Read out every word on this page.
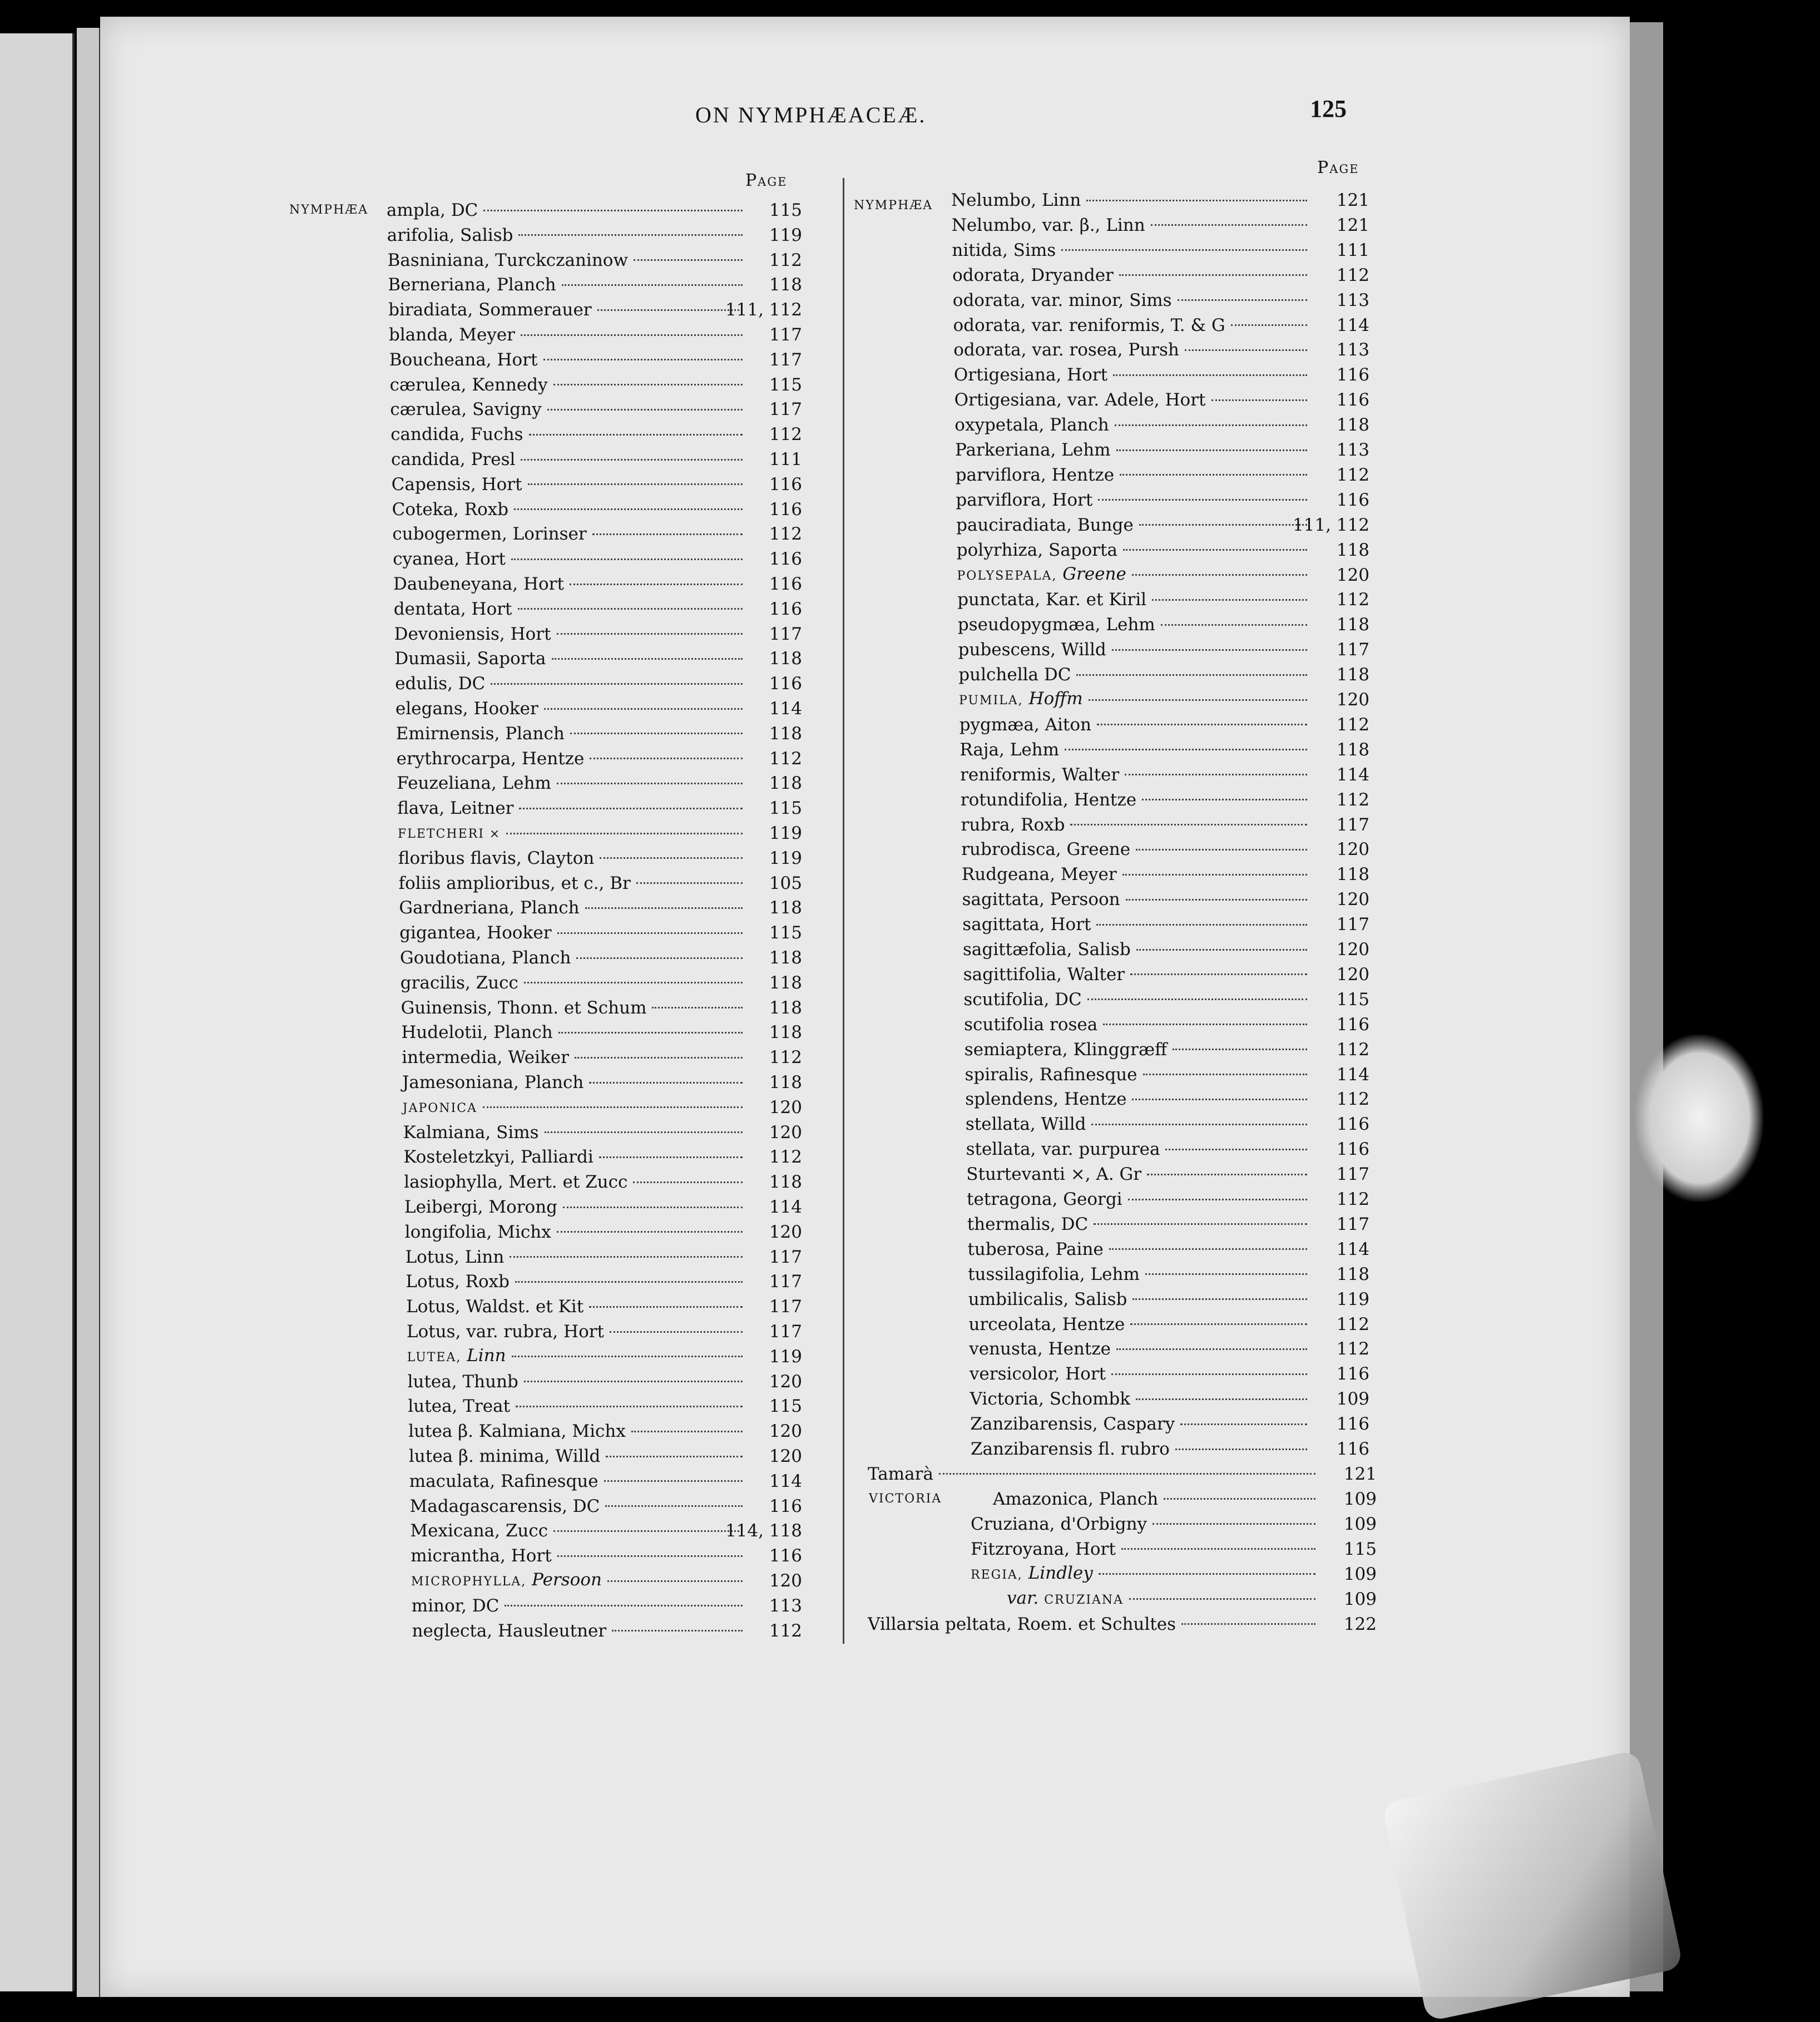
ON NYMPHÆACEÆ.	125
Page
Page
NYMPHÆA ampla, DC	115
arifolia, Salisb	119
Basniniana, Turckczaninow	112
Berneriana, Planch	118
biradiata, Sommerauer	111, 112
blanda, Meyer	117
Boucheana, Hort	117
cærulea, Kennedy	115
cærulea, Savigny	117
candida, Fuchs	112
candida, Presl	111
Capensis, Hort	116
Coteka, Roxb	116
cubogermen, Lorinser	112
cyanea, Hort	116
Daubeneyana, Hort	116
dentata, Hort	116
Devoniensis, Hort	117
Dumasii, Saporta	118
edulis, DC	116
elegans, Hooker	114
Emirnensis, Planch	118
erythrocarpa, Hentze	112
Feuzeliana, Lehm	118
flava, Leitner	115
FLETCHERI ×	119
floribus flavis, Clayton	119
foliis amplioribus, et c., Br	105
Gardneriana, Planch	118
gigantea, Hooker	115
Goudotiana, Planch	118
gracilis, Zucc	118
Guinensis, Thonn. et Schum	118
Hudelotii, Planch	118
intermedia, Weiker	112
Jamesoniana, Planch	118
JAPONICA	120
Kalmiana, Sims	120
Kosteletzkyi, Palliardi	112
lasiophylla, Mert. et Zucc	118
Leibergi, Morong	114
longifolia, Michx	120
Lotus, Linn	117
Lotus, Roxb	117
Lotus, Waldst. et Kit	117
Lotus, var. rubra, Hort	117
LUTEA, Linn	119
lutea, Thunb	120
lutea, Treat	115
lutea β. Kalmiana, Michx	120
lutea β. minima, Willd	120
maculata, Rafinesque	114
Madagascarensis, DC	116
Mexicana, Zucc	114, 118
micrantha, Hort	116
MICROPHYLLA, Persoon	120
minor, DC	113
neglecta, Hausleutner	112
NYMPHÆA Nelumbo, Linn	121
Nelumbo, var. β., Linn	121
nitida, Sims	111
odorata, Dryander	112
odorata, var. minor, Sims	113
odorata, var. reniformis, T. & G	114
odorata, var. rosea, Pursh	113
Ortigesiana, Hort	116
Ortigesiana, var. Adele, Hort	116
oxypetala, Planch	118
Parkeriana, Lehm	113
parviflora, Hentze	112
parviflora, Hort	116
pauciradiata, Bunge	111, 112
polyrhiza, Saporta	118
POLYSEPALA, Greene	120
punctata, Kar. et Kiril	112
pseudopygmæa, Lehm	118
pubescens, Willd	117
pulchella DC	118
PUMILA, Hoffm	120
pygmæa, Aiton	112
Raja, Lehm	118
reniformis, Walter	114
rotundifolia, Hentze	112
rubra, Roxb	117
rubrodisca, Greene	120
Rudgeana, Meyer	118
sagittata, Persoon	120
sagittata, Hort	117
sagittæfolia, Salisb	120
sagittifolia, Walter	120
scutifolia, DC	115
scutifolia rosea	116
semiaptera, Klinggræff	112
spiralis, Rafinesque	114
splendens, Hentze	112
stellata, Willd	116
stellata, var. purpurea	116
Sturtevanti ×, A. Gr	117
tetragona, Georgi	112
thermalis, DC	117
tuberosa, Paine	114
tussilagifolia, Lehm	118
umbilicalis, Salisb	119
urceolata, Hentze	112
venusta, Hentze	112
versicolor, Hort	116
Victoria, Schombk	109
Zanzibarensis, Caspary	116
Zanzibarensis fl. rubro	116
Tamarà	121
VICTORIA	Amazonica, Planch	109
Cruziana, d'Orbigny	109
Fitzroyana, Hort	115
REGIA, Lindley	109
var. CRUZIANA	109
Villarsia peltata, Roem. et Schultes	122
